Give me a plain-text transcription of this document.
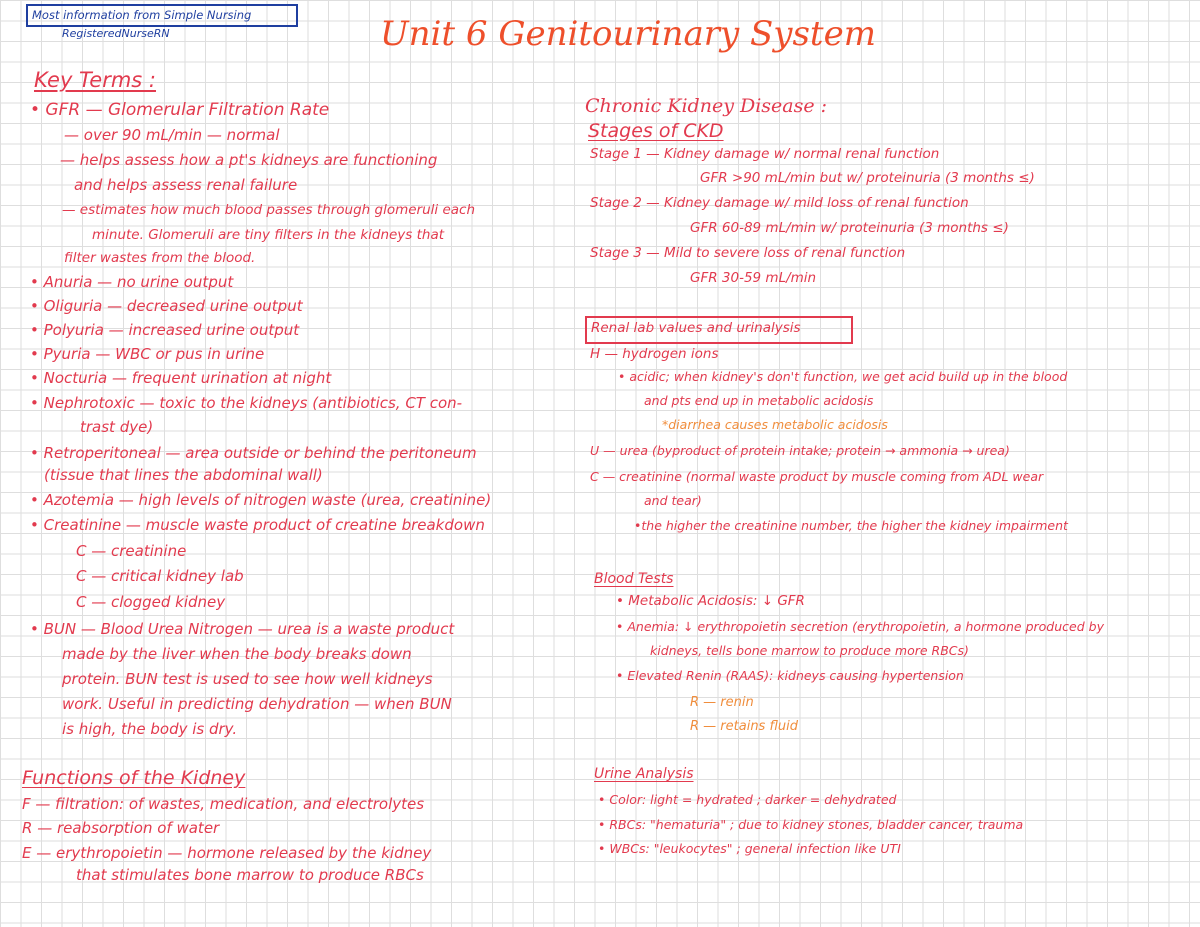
Most information from Simple Nursing
RegisteredNurseRN	Unit 6 Genitourinary System
Key Terms :
• GFR — Glomerular Filtration Rate
— over 90 mL/min — normal
— helps assess how a pt's kidneys are functioning
and helps assess renal failure
— estimates how much blood passes through glomeruli each
minute. Glomeruli are tiny filters in the kidneys that
filter wastes from the blood.
• Anuria — no urine output
• Oliguria — decreased urine output
• Polyuria — increased urine output
• Pyuria — WBC or pus in urine
• Nocturia — frequent urination at night
• Nephrotoxic — toxic to the kidneys (antibiotics, CT con-
trast dye)
• Retroperitoneal — area outside or behind the peritoneum
(tissue that lines the abdominal wall)
• Azotemia — high levels of nitrogen waste (urea, creatinine)
• Creatinine — muscle waste product of creatine breakdown
C — creatinine
C — critical kidney lab
C — clogged kidney
• BUN — Blood Urea Nitrogen — urea is a waste product
made by the liver when the body breaks down
protein. BUN test is used to see how well kidneys
work. Useful in predicting dehydration — when BUN
is high, the body is dry.
Functions of the Kidney
F — filtration: of wastes, medication, and electrolytes
R — reabsorption of water
E — erythropoietin — hormone released by the kidney
that stimulates bone marrow to produce RBCs
Chronic Kidney Disease :
Stages of CKD
Stage 1 — Kidney damage w/ normal renal function
GFR >90 mL/min but w/ proteinuria (3 months ≤)
Stage 2 — Kidney damage w/ mild loss of renal function
GFR 60-89 mL/min w/ proteinuria (3 months ≤)
Stage 3 — Mild to severe loss of renal function
GFR 30-59 mL/min
Renal lab values and urinalysis
H — hydrogen ions
• acidic; when kidney's don't function, we get acid build up in the blood
and pts end up in metabolic acidosis
*diarrhea causes metabolic acidosis
U — urea (byproduct of protein intake; protein → ammonia → urea)
C — creatinine (normal waste product by muscle coming from ADL wear
and tear)
•the higher the creatinine number, the higher the kidney impairment
Blood Tests
• Metabolic Acidosis: ↓ GFR
• Anemia: ↓ erythropoietin secretion (erythropoietin, a hormone produced by
kidneys, tells bone marrow to produce more RBCs)
• Elevated Renin (RAAS): kidneys causing hypertension
R — renin
R — retains fluid
Urine Analysis
• Color: light = hydrated ; darker = dehydrated
• RBCs: "hematuria" ; due to kidney stones, bladder cancer, trauma
• WBCs: "leukocytes" ; general infection like UTI
